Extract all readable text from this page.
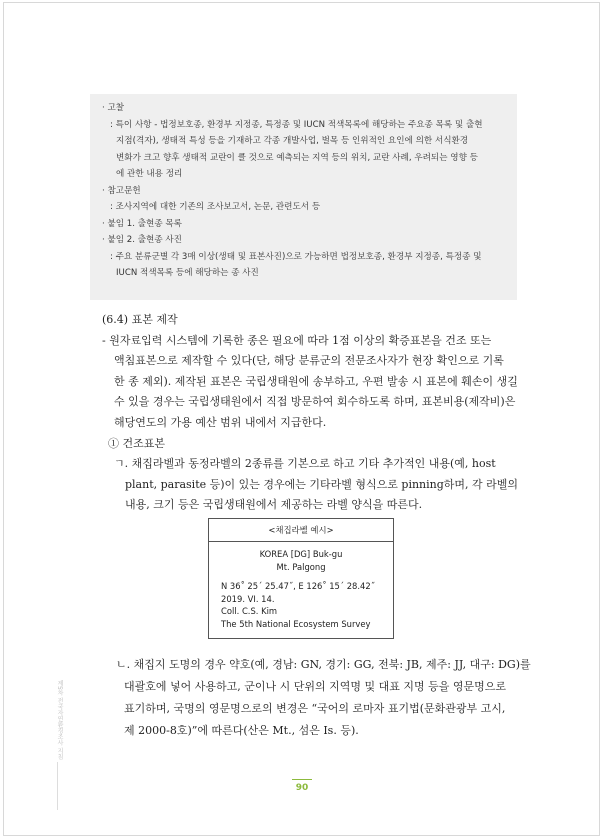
· 고찰
: 특이 사항 - 법정보호종, 환경부 지정종, 특정종 및 IUCN 적색목록에 해당하는 주요종 목록 및 출현
지점(격자), 생태적 특성 등을 기재하고 각종 개발사업, 벌목 등 인위적인 요인에 의한 서식환경
변화가 크고 향후 생태적 교란이 클 것으로 예측되는 지역 등의 위치, 교란 사례, 우려되는 영향 등
에 관한 내용 정리
· 참고문헌
: 조사지역에 대한 기존의 조사보고서, 논문, 관련도서 등
· 붙임 1. 출현종 목록
· 붙임 2. 출현종 사진
: 주요 분류군별 각 3매 이상(생태 및 표본사진)으로 가능하면 법정보호종, 환경부 지정종, 특정종 및
IUCN 적색목록 등에 해당하는 종 사진
(6.4) 표본 제작
- 원자료입력 시스템에 기록한 종은 필요에 따라 1점 이상의 확증표본을 건조 또는
액침표본으로 제작할 수 있다(단, 해당 분류군의 전문조사자가 현장 확인으로 기록
한 종 제외). 제작된 표본은 국립생태원에 송부하고, 우편 발송 시 표본에 훼손이 생길
수 있을 경우는 국립생태원에서 직접 방문하여 회수하도록 하며, 표본비용(제작비)은
해당연도의 가용 예산 범위 내에서 지급한다.
① 건조표본
ㄱ. 채집라벨과 동정라벨의 2종류를 기본으로 하고 기타 추가적인 내용(예, host
plant, parasite 등)이 있는 경우에는 기타라벨 형식으로 pinning하며, 각 라벨의
내용, 크기 등은 국립생태원에서 제공하는 라벨 양식을 따른다.
<채집라벨 예시>
KOREA [DG] Buk-gu
Mt. Palgong
N 36˚ 25´ 25.47˝, E 126˚ 15´ 28.42˝
2019. VI. 14.
Coll. C.S. Kim
The 5th National Ecosystem Survey
ㄴ. 채집지 도명의 경우 약호(예, 경남: GN, 경기: GG, 전북: JB, 제주: JJ, 대구: DG)를
대괄호에 넣어 사용하고, 군이나 시 단위의 지역명 및 대표 지명 등을 영문명으로
표기하며, 국명의 영문명으로의 변경은 “국어의 로마자 표기법(문화관광부 고시,
제 2000-8호)”에 따른다(산은 Mt., 섬은 Is. 등).
제5차 전국자연환경조사 지침
90
